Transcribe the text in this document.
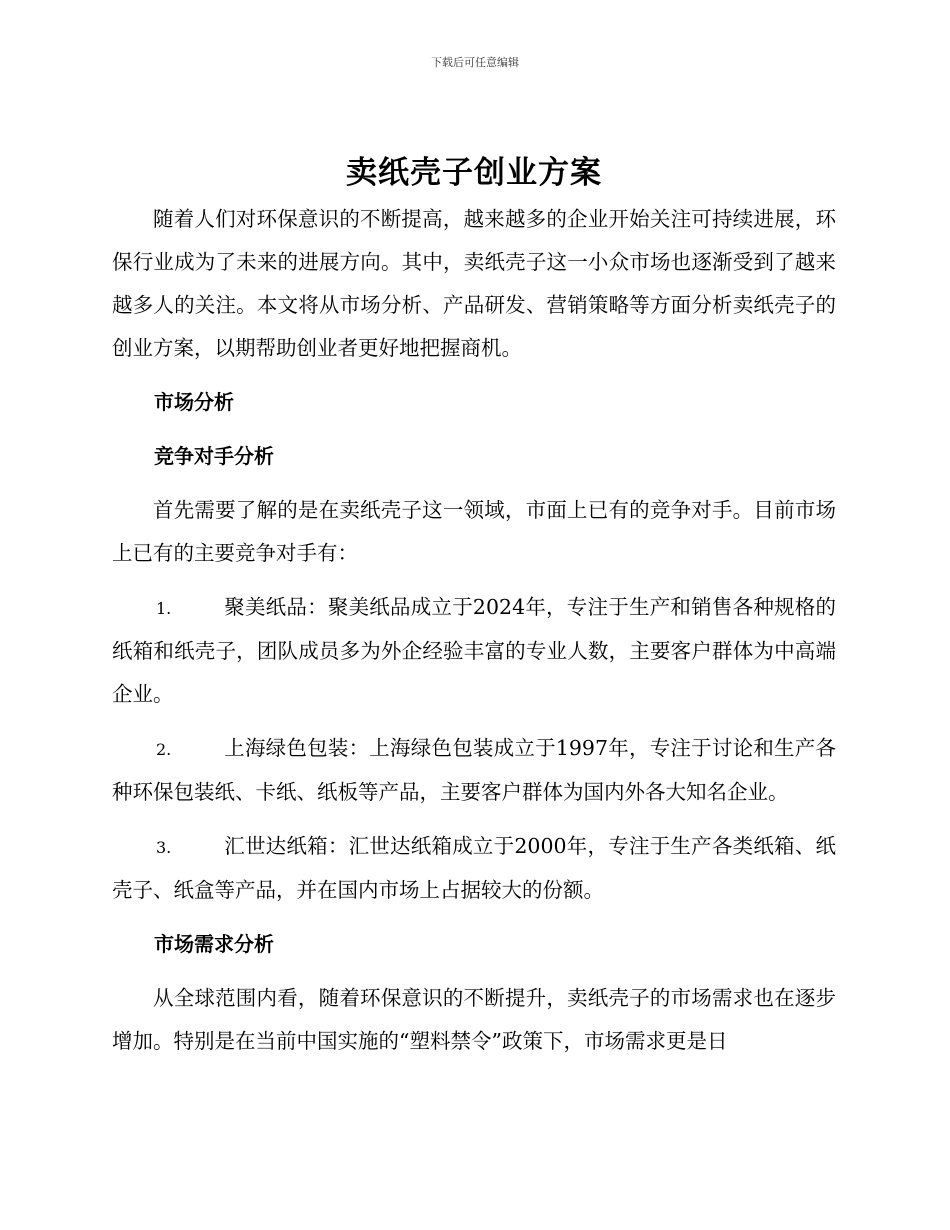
下载后可任意编辑
卖纸壳子创业方案

随着人们对环保意识的不断提高，越来越多的企业开始关注可持续进展，环保行业成为了未来的进展方向。其中，卖纸壳子这一小众市场也逐渐受到了越来越多人的关注。本文将从市场分析、产品研发、营销策略等方面分析卖纸壳子的创业方案，以期帮助创业者更好地把握商机。

市场分析
竞争对手分析

首先需要了解的是在卖纸壳子这一领域，市面上已有的竞争对手。目前市场上已有的主要竞争对手有：

1.	聚美纸品：聚美纸品成立于2024年，专注于生产和销售各种规格的纸箱和纸壳子，团队成员多为外企经验丰富的专业人数，主要客户群体为中高端企业。

2.	上海绿色包装：上海绿色包装成立于1997年，专注于讨论和生产各种环保包装纸、卡纸、纸板等产品，主要客户群体为国内外各大知名企业。

3.	汇世达纸箱：汇世达纸箱成立于2000年，专注于生产各类纸箱、纸壳子、纸盒等产品，并在国内市场上占据较大的份额。

市场需求分析

从全球范围内看，随着环保意识的不断提升，卖纸壳子的市场需求也在逐步增加。特别是在当前中国实施的“塑料禁令”政策下，市场需求更是日
